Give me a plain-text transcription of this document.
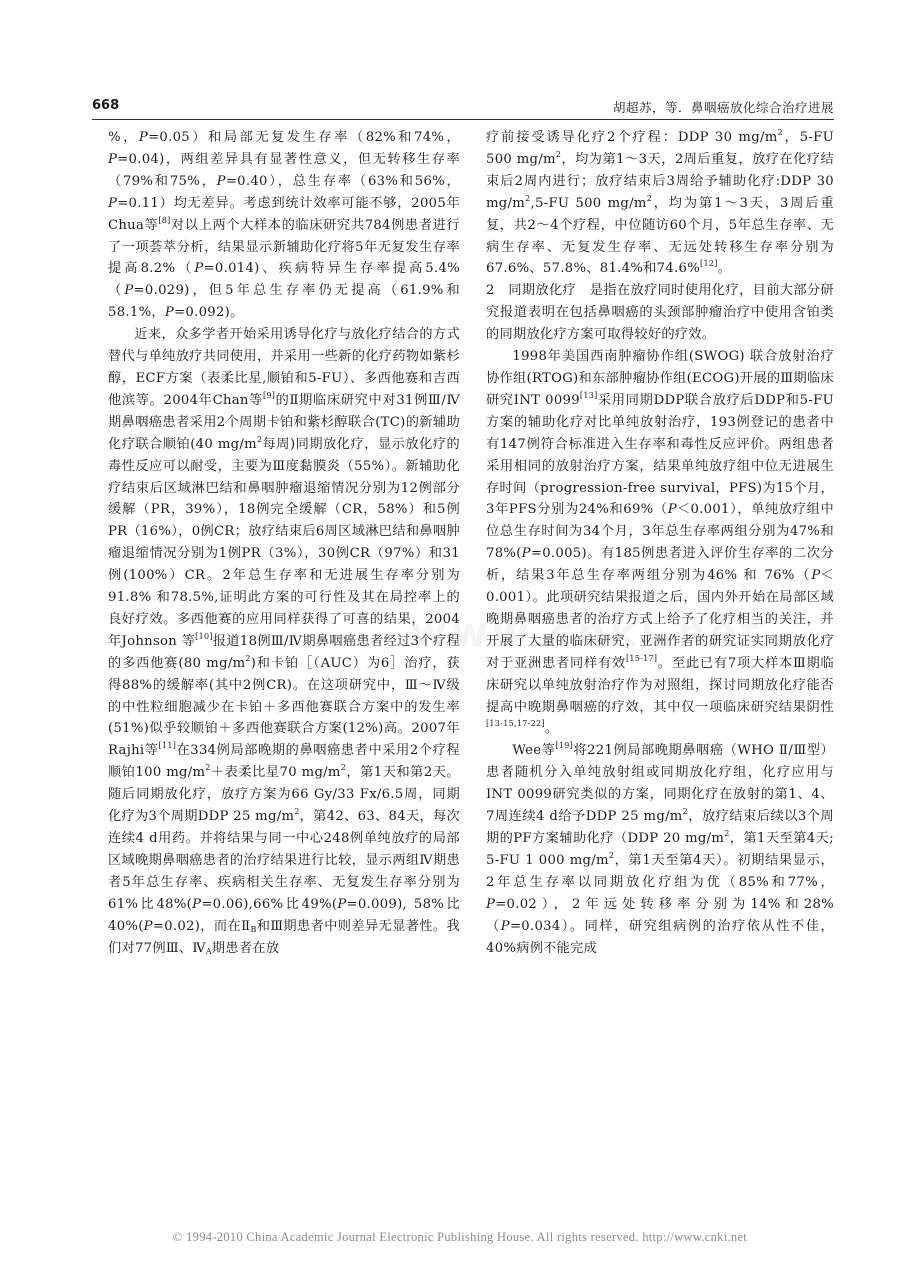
668	胡超苏，等．鼻咽癌放化综合治疗进展

%，P=0.05）和局部无复发生存率（82%和74%，P=0.04)，两组差异具有显著性意义，但无转移生存率（79%和75%，P=0.40），总生存率（63%和56%，P=0.11）均无差异。考虑到统计效率可能不够，2005年Chua等[8]对以上两个大样本的临床研究共784例患者进行了一项荟萃分析，结果显示新辅助化疗将5年无复发生存率提高8.2%（P=0.014)、疾病特异生存率提高5.4%（P=0.029)，但5年总生存率仍无提高（61.9%和58.1%，P=0.092)。

近来，众多学者开始采用诱导化疗与放化疗结合的方式替代与单纯放疗共同使用，并采用一些新的化疗药物如紫杉醇，ECF方案（表柔比星,顺铂和5-FU）、多西他赛和吉西他滨等。2004年Chan等[9]的Ⅱ期临床研究中对31例Ⅲ/Ⅳ期鼻咽癌患者采用2个周期卡铂和紫杉醇联合(TC)的新辅助化疗联合顺铂(40 $mg/m^2$每周)同期放化疗，显示放化疗的毒性反应可以耐受，主要为Ⅲ度黏膜炎（55%）。新辅助化疗结束后区域淋巴结和鼻咽肿瘤退缩情况分别为12例部分缓解（PR，39%），18例完全缓解（CR，58%）和5例PR（16%），0例CR；放疗结束后6周区域淋巴结和鼻咽肿瘤退缩情况分别为1例PR（3%），30例CR（97%）和31例(100%）CR。2年总生存率和无进展生存率分别为91.8% 和78.5%,证明此方案的可行性及其在局控率上的良好疗效。多西他赛的应用同样获得了可喜的结果，2004年Johnson 等[10]报道18例Ⅲ/Ⅳ期鼻咽癌患者经过3个疗程的多西他赛(80 $mg/m^2$)和卡铂［（AUC）为6］治疗，获得88%的缓解率(其中2例CR)。在这项研究中，Ⅲ～Ⅳ级的中性粒细胞减少在卡铂＋多西他赛联合方案中的发生率(51%)似乎较顺铂＋多西他赛联合方案(12%)高。2007年Rajhi等[11]在334例局部晚期的鼻咽癌患者中采用2个疗程顺铂100 $mg/m^2+$表柔比星70 $mg/m^2$，第1天和第2天。随后同期放化疗，放疗方案为66 Gy/33 Fx/6.5周，同期化疗为3个周期DDP 25 $mg/m^2$，第42、63、84天，每次连续4 d用药。并将结果与同一中心248例单纯放疗的局部区域晚期鼻咽癌患者的治疗结果进行比较，显示两组Ⅳ期患者5年总生存率、疾病相关生存率、无复发生存率分别为61%比48%(P=0.06),66%比49%(P=0.009), 58%比40%(P=0.02)，而在$Ⅱ_B$和Ⅲ期患者中则差异无显著性。我们对77例Ⅲ、$Ⅳ_A$期患者在放

疗前接受诱导化疗2个疗程：DDP 30 $mg/m^2$，5-FU 500 $mg/m^2$，均为第1～3天，2周后重复，放疗在化疗结束后2周内进行；放疗结束后3周给予辅助化疗:DDP 30 $mg/m^2,5-FU$ 500 $mg/m^2$，均为第1～3天，3周后重复，共2～4个疗程，中位随访60个月，5年总生存率、无病生存率、无复发生存率、无远处转移生存率分别为67.6%、57.8%、81.4%和74.6%[12]。

2　同期放化疗　是指在放疗同时使用化疗，目前大部分研究报道表明在包括鼻咽癌的头颈部肿瘤治疗中使用含铂类的同期放化疗方案可取得较好的疗效。

1998年美国西南肿瘤协作组(SWOG) 联合放射治疗协作组(RTOG)和东部肿瘤协作组(ECOG)开展的Ⅲ期临床研究INT 0099[13]采用同期DDP联合放疗后DDP和5-FU方案的辅助化疗对比单纯放射治疗，193例登记的患者中有147例符合标准进入生存率和毒性反应评价。两组患者采用相同的放射治疗方案，结果单纯放疗组中位无进展生存时间（progression-free survival，PFS)为15个月，3年PFS分别为24%和69%（P＜0.001），单纯放疗组中位总生存时间为34个月，3年总生存率两组分别为47%和78%(P=0.005)。有185例患者进入评价生存率的二次分析，结果3年总生存率两组分别为46% 和 76%（P＜0.001）。此项研究结果报道之后，国内外开始在局部区域晚期鼻咽癌患者的治疗方式上给予了化疗相当的关注，并开展了大量的临床研究，亚洲作者的研究证实同期放化疗对于亚洲患者同样有效[15-17]。至此已有7项大样本Ⅲ期临床研究以单纯放射治疗作为对照组，探讨同期放化疗能否提高中晚期鼻咽癌的疗效，其中仅一项临床研究结果阴性[13-15,17-22]。

Wee等[19]将221例局部晚期鼻咽癌（WHO Ⅱ/Ⅲ型）患者随机分入单纯放射组或同期放化疗组，化疗应用与INT 0099研究类似的方案，同期化疗在放射的第1、4、7周连续4 d给予DDP 25 $mg/m^2$，放疗结束后续以3个周期的PF方案辅助化疗（DDP 20 $mg/m^2$，第1天至第4天; 5-FU 1 000 $mg/m^2$，第1天至第4天）。初期结果显示，2年总生存率以同期放化疗组为优（85%和77%，P=0.02），2年远处转移率分别为14%和28%（P=0.034）。同样，研究组病例的治疗依从性不佳，40%病例不能完成

© 1994-2010 China Academic Journal Electronic Publishing House. All rights reserved. http://www.cnki.net
